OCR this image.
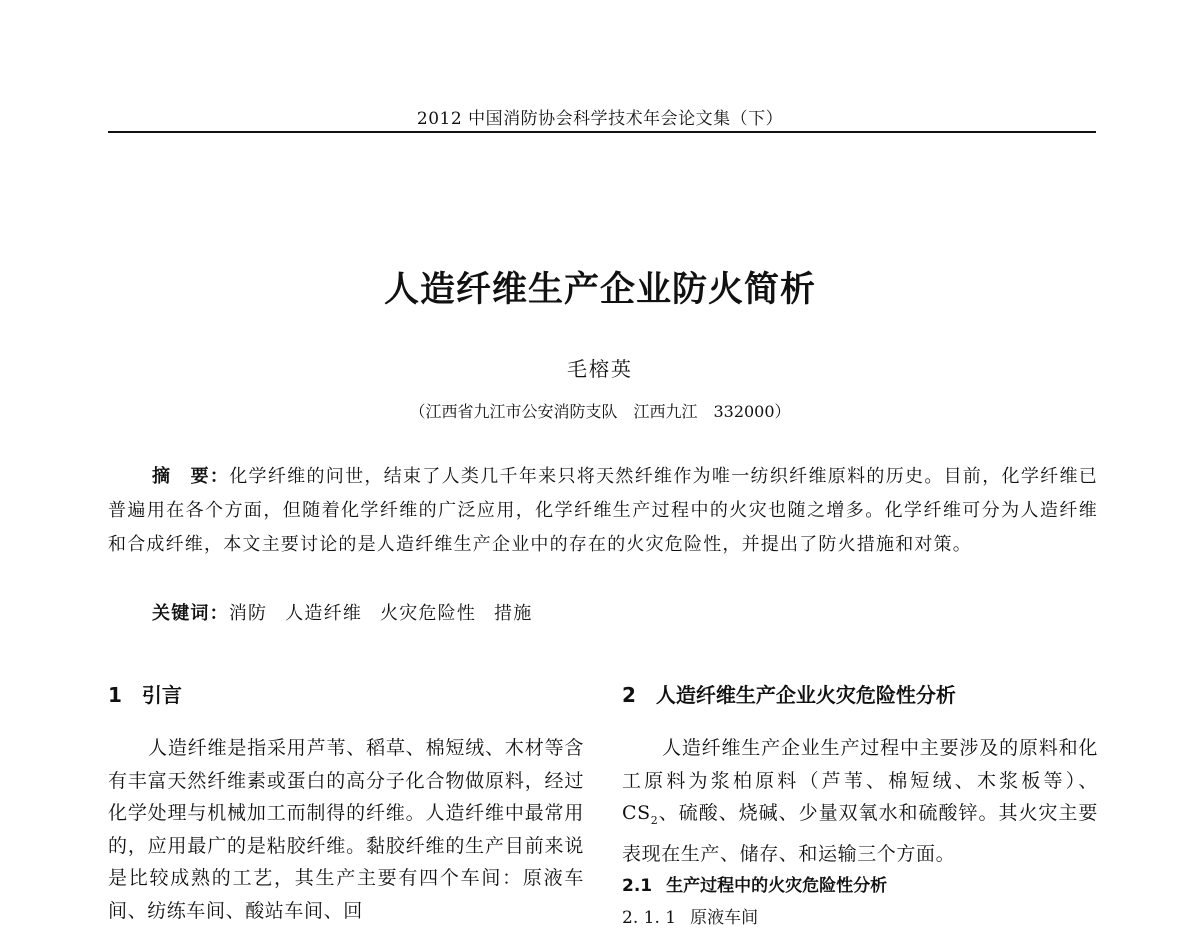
2012 中国消防协会科学技术年会论文集（下）
人造纤维生产企业防火简析
毛榕英
（江西省九江市公安消防支队　江西九江　332000）

摘　要：化学纤维的问世，结束了人类几千年来只将天然纤维作为唯一纺织纤维原料的历史。目前，化学纤维已普遍用在各个方面，但随着化学纤维的广泛应用，化学纤维生产过程中的火灾也随之增多。化学纤维可分为人造纤维和合成纤维，本文主要讨论的是人造纤维生产企业中的存在的火灾危险性，并提出了防火措施和对策。

关键词：消防 人造纤维 火灾危险性 措施
1 引言

人造纤维是指采用芦苇、稻草、棉短绒、木材等含有丰富天然纤维素或蛋白的高分子化合物做原料，经过化学处理与机械加工而制得的纤维。人造纤维中最常用的，应用最广的是粘胶纤维。黏胶纤维的生产目前来说是比较成熟的工艺，其生产主要有四个车间：原液车间、纺练车间、酸站车间、回

2 人造纤维生产企业火灾危险性分析

人造纤维生产企业生产过程中主要涉及的原料和化工原料为浆柏原料（芦苇、棉短绒、木浆板等）、$CS_2$、硫酸、烧碱、少量双氧水和硫酸锌。其火灾主要表现在生产、储存、和运输三个方面。

2.1 生产过程中的火灾危险性分析
2. 1. 1 原液车间
